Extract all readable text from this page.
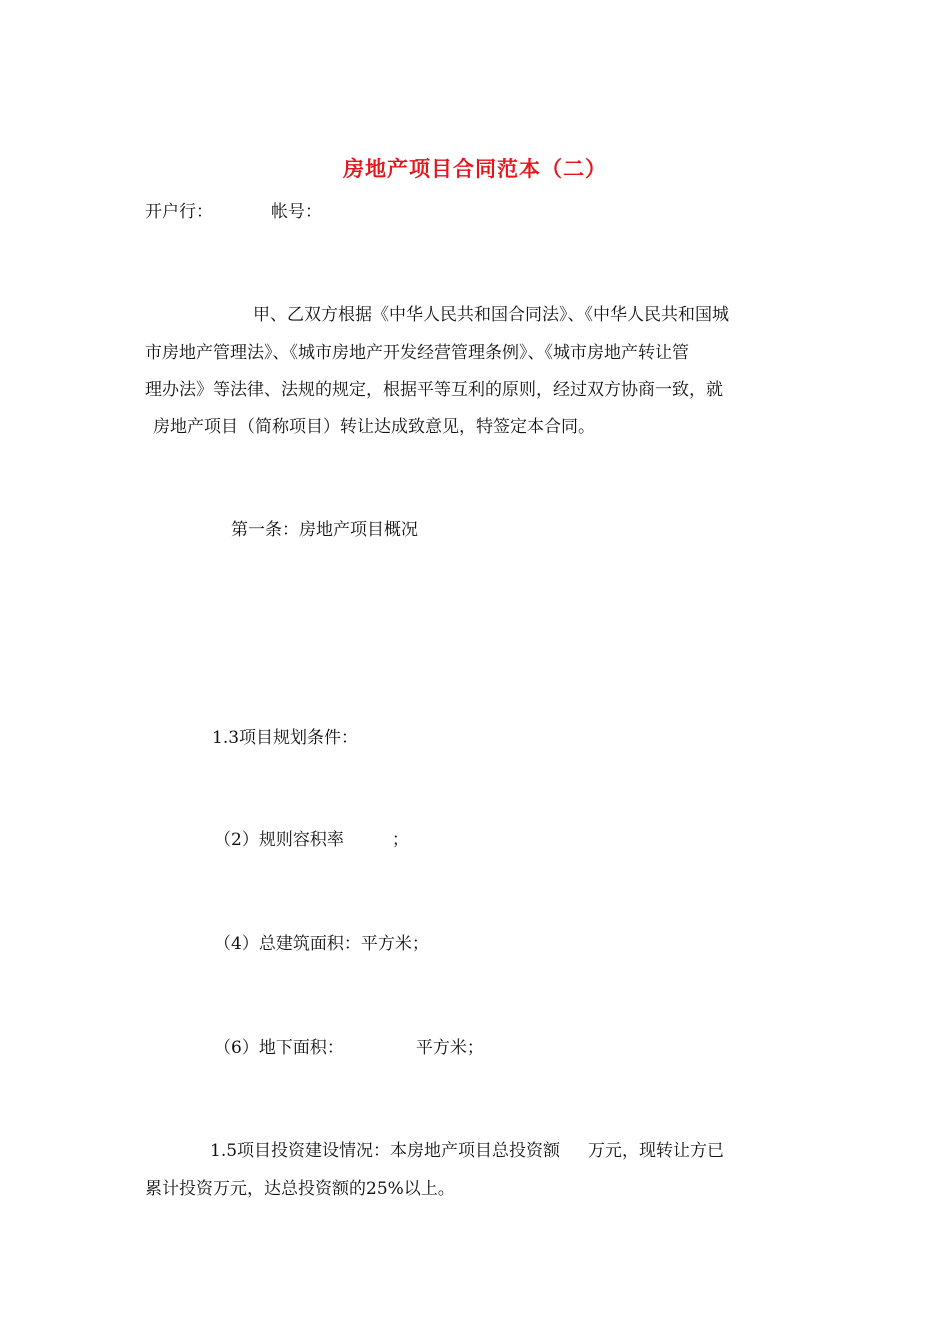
房地产项目合同范本（二）
开户行：	帐号：
甲、乙双方根据《中华人民共和国合同法》、《中华人民共和国城
市房地产管理法》、《城市房地产开发经营管理条例》、《城市房地产转让管
理办法》等法律、法规的规定，根据平等互利的原则，经过双方协商一致，就
房地产项目（简称项目）转让达成致意见，特签定本合同。
第一条：房地产项目概况
1.3项目规划条件：
（2）规则容积率	；
（4）总建筑面积：平方米；
（6）地下面积：	平方米；
1.5项目投资建设情况：本房地产项目总投资额 万元，现转让方已
累计投资万元，达总投资额的25%以上。
